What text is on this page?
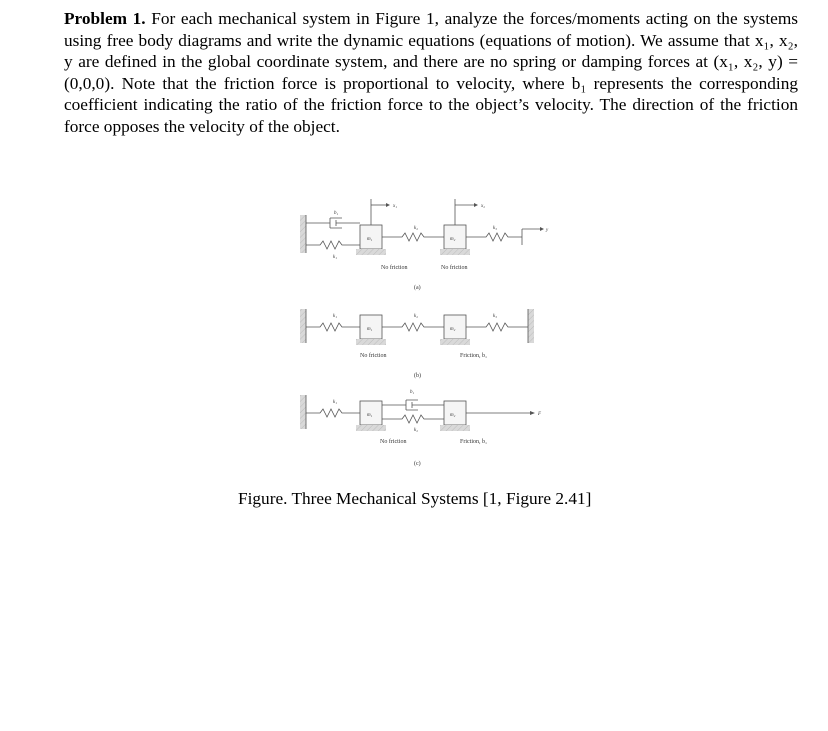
Problem 1. For each mechanical system in Figure 1, analyze the forces/moments acting on the systems using free body diagrams and write the dynamic equations (equations of motion). We assume that x₁, x₂, y are defined in the global coordinate system, and there are no spring or damping forces at (x₁, x₂, y) = (0,0,0). Note that the friction force is proportional to velocity, where b₁ represents the corresponding coefficient indicating the ratio of the friction force to the object’s velocity. The direction of the friction force opposes the velocity of the object.

b₁
k₁
m₁
x₁
k₂
m₂
x₂
k₃	y
No friction	No friction
(a)
k₁
m₁
k₂
m₂
k₃
No friction	Friction, b₁
(b)
k₁
m₁
b₁
k₂
m₂	F
No friction	Friction, b₁
(c)
Figure. Three Mechanical Systems [1, Figure 2.41]
